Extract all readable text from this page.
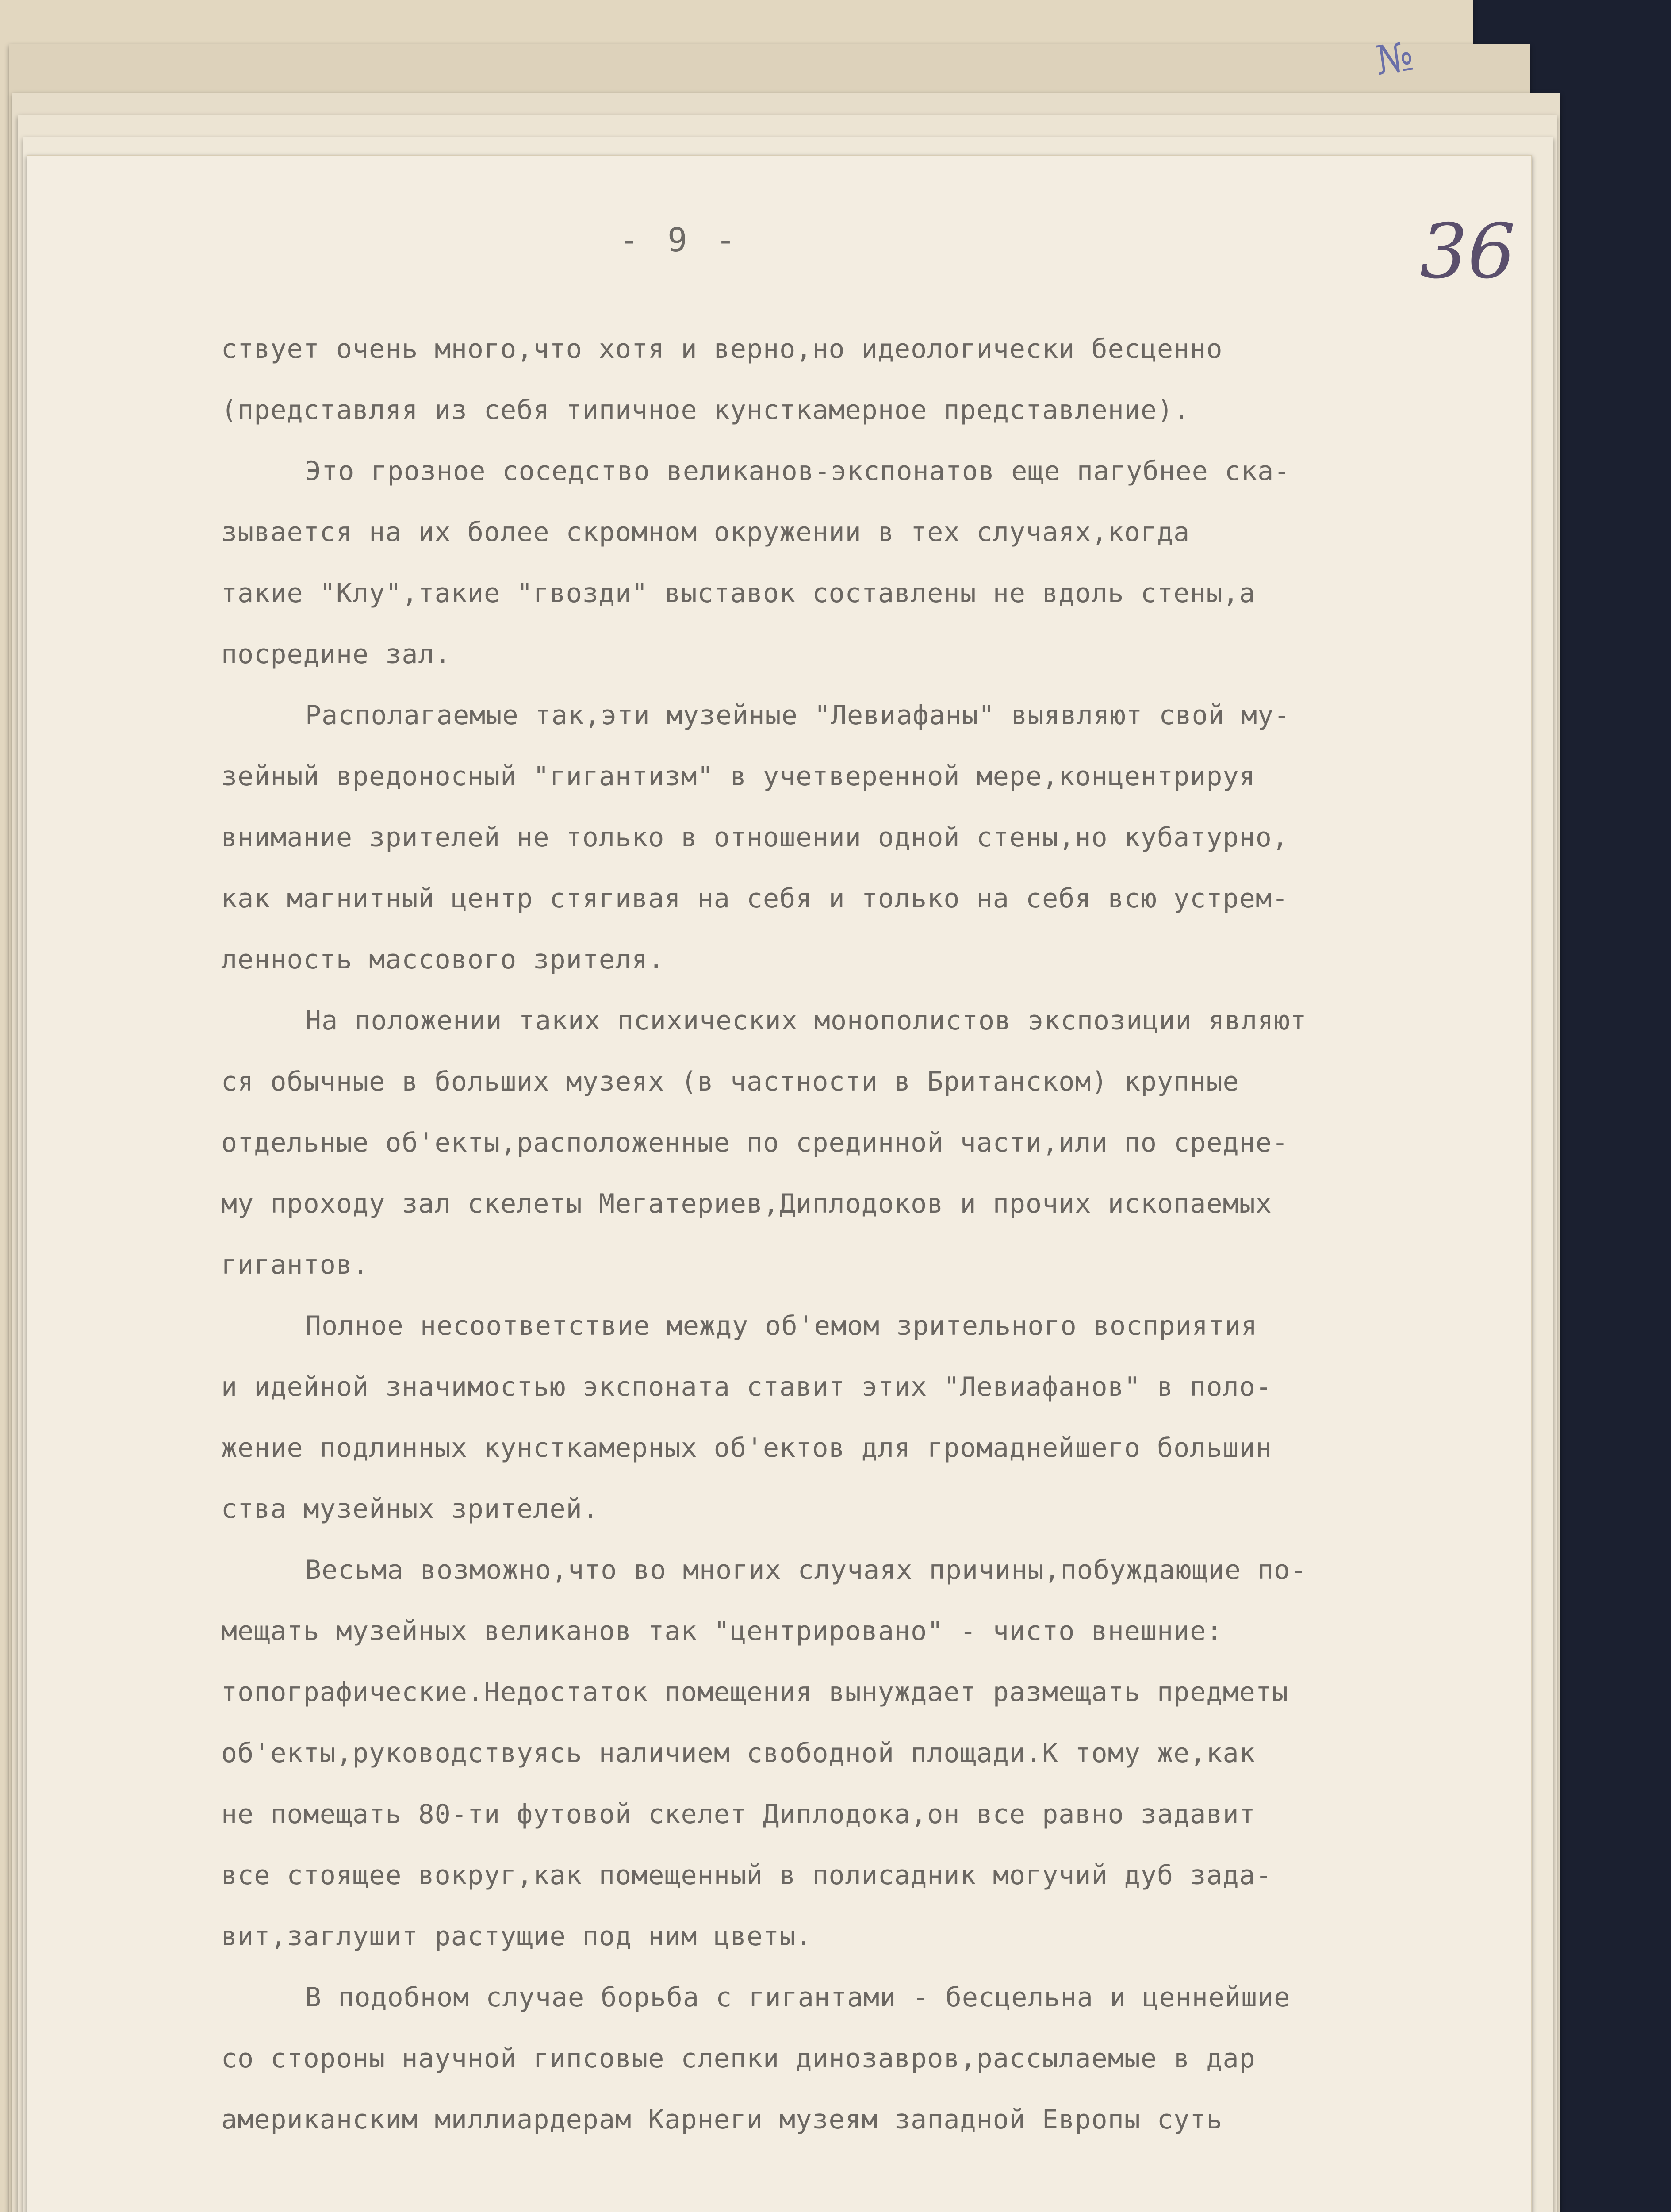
№
- 9 -	36
ствует очень много,что хотя и верно,но идеологически бесценно
(представляя из себя типичное кунсткамерное представление).
Это грозное соседство великанов-экспонатов еще пагубнее ска-
зывается на их более скромном окружении в тех случаях,когда
такие "Клу",такие "гвозди" выставок составлены не вдоль стены,а
посредине зал.
Располагаемые так,эти музейные "Левиафаны" выявляют свой му-
зейный вредоносный "гигантизм" в учетверенной мере,концентрируя
внимание зрителей не только в отношении одной стены,но кубатурно,
как магнитный центр стягивая на себя и только на себя всю устрем-
ленность массового зрителя.
На положении таких психических монополистов экспозиции являют
ся обычные в больших музеях (в частности в Британском) крупные
отдельные об'екты,расположенные по срединной части,или по средне-
му проходу зал скелеты Мегатериев,Диплодоков и прочих ископаемых
гигантов.
Полное несоответствие между об'емом зрительного восприятия
и идейной значимостью экспоната ставит этих "Левиафанов" в поло-
жение подлинных кунсткамерных об'ектов для громаднейшего большин
ства музейных зрителей.
Весьма возможно,что во многих случаях причины,побуждающие по-
мещать музейных великанов так "центрировано" - чисто внешние:
топографические.Недостаток помещения вынуждает размещать предметы
об'екты,руководствуясь наличием свободной площади.К тому же,как
не помещать 80-ти футовой скелет Диплодока,он все равно задавит
все стоящее вокруг,как помещенный в полисадник могучий дуб зада-
вит,заглушит растущие под ним цветы.
В подобном случае борьба с гигантами - бесцельна и ценнейшие
со стороны научной гипсовые слепки динозавров,рассылаемые в дар
американским миллиардерам Карнеги музеям западной Европы суть
